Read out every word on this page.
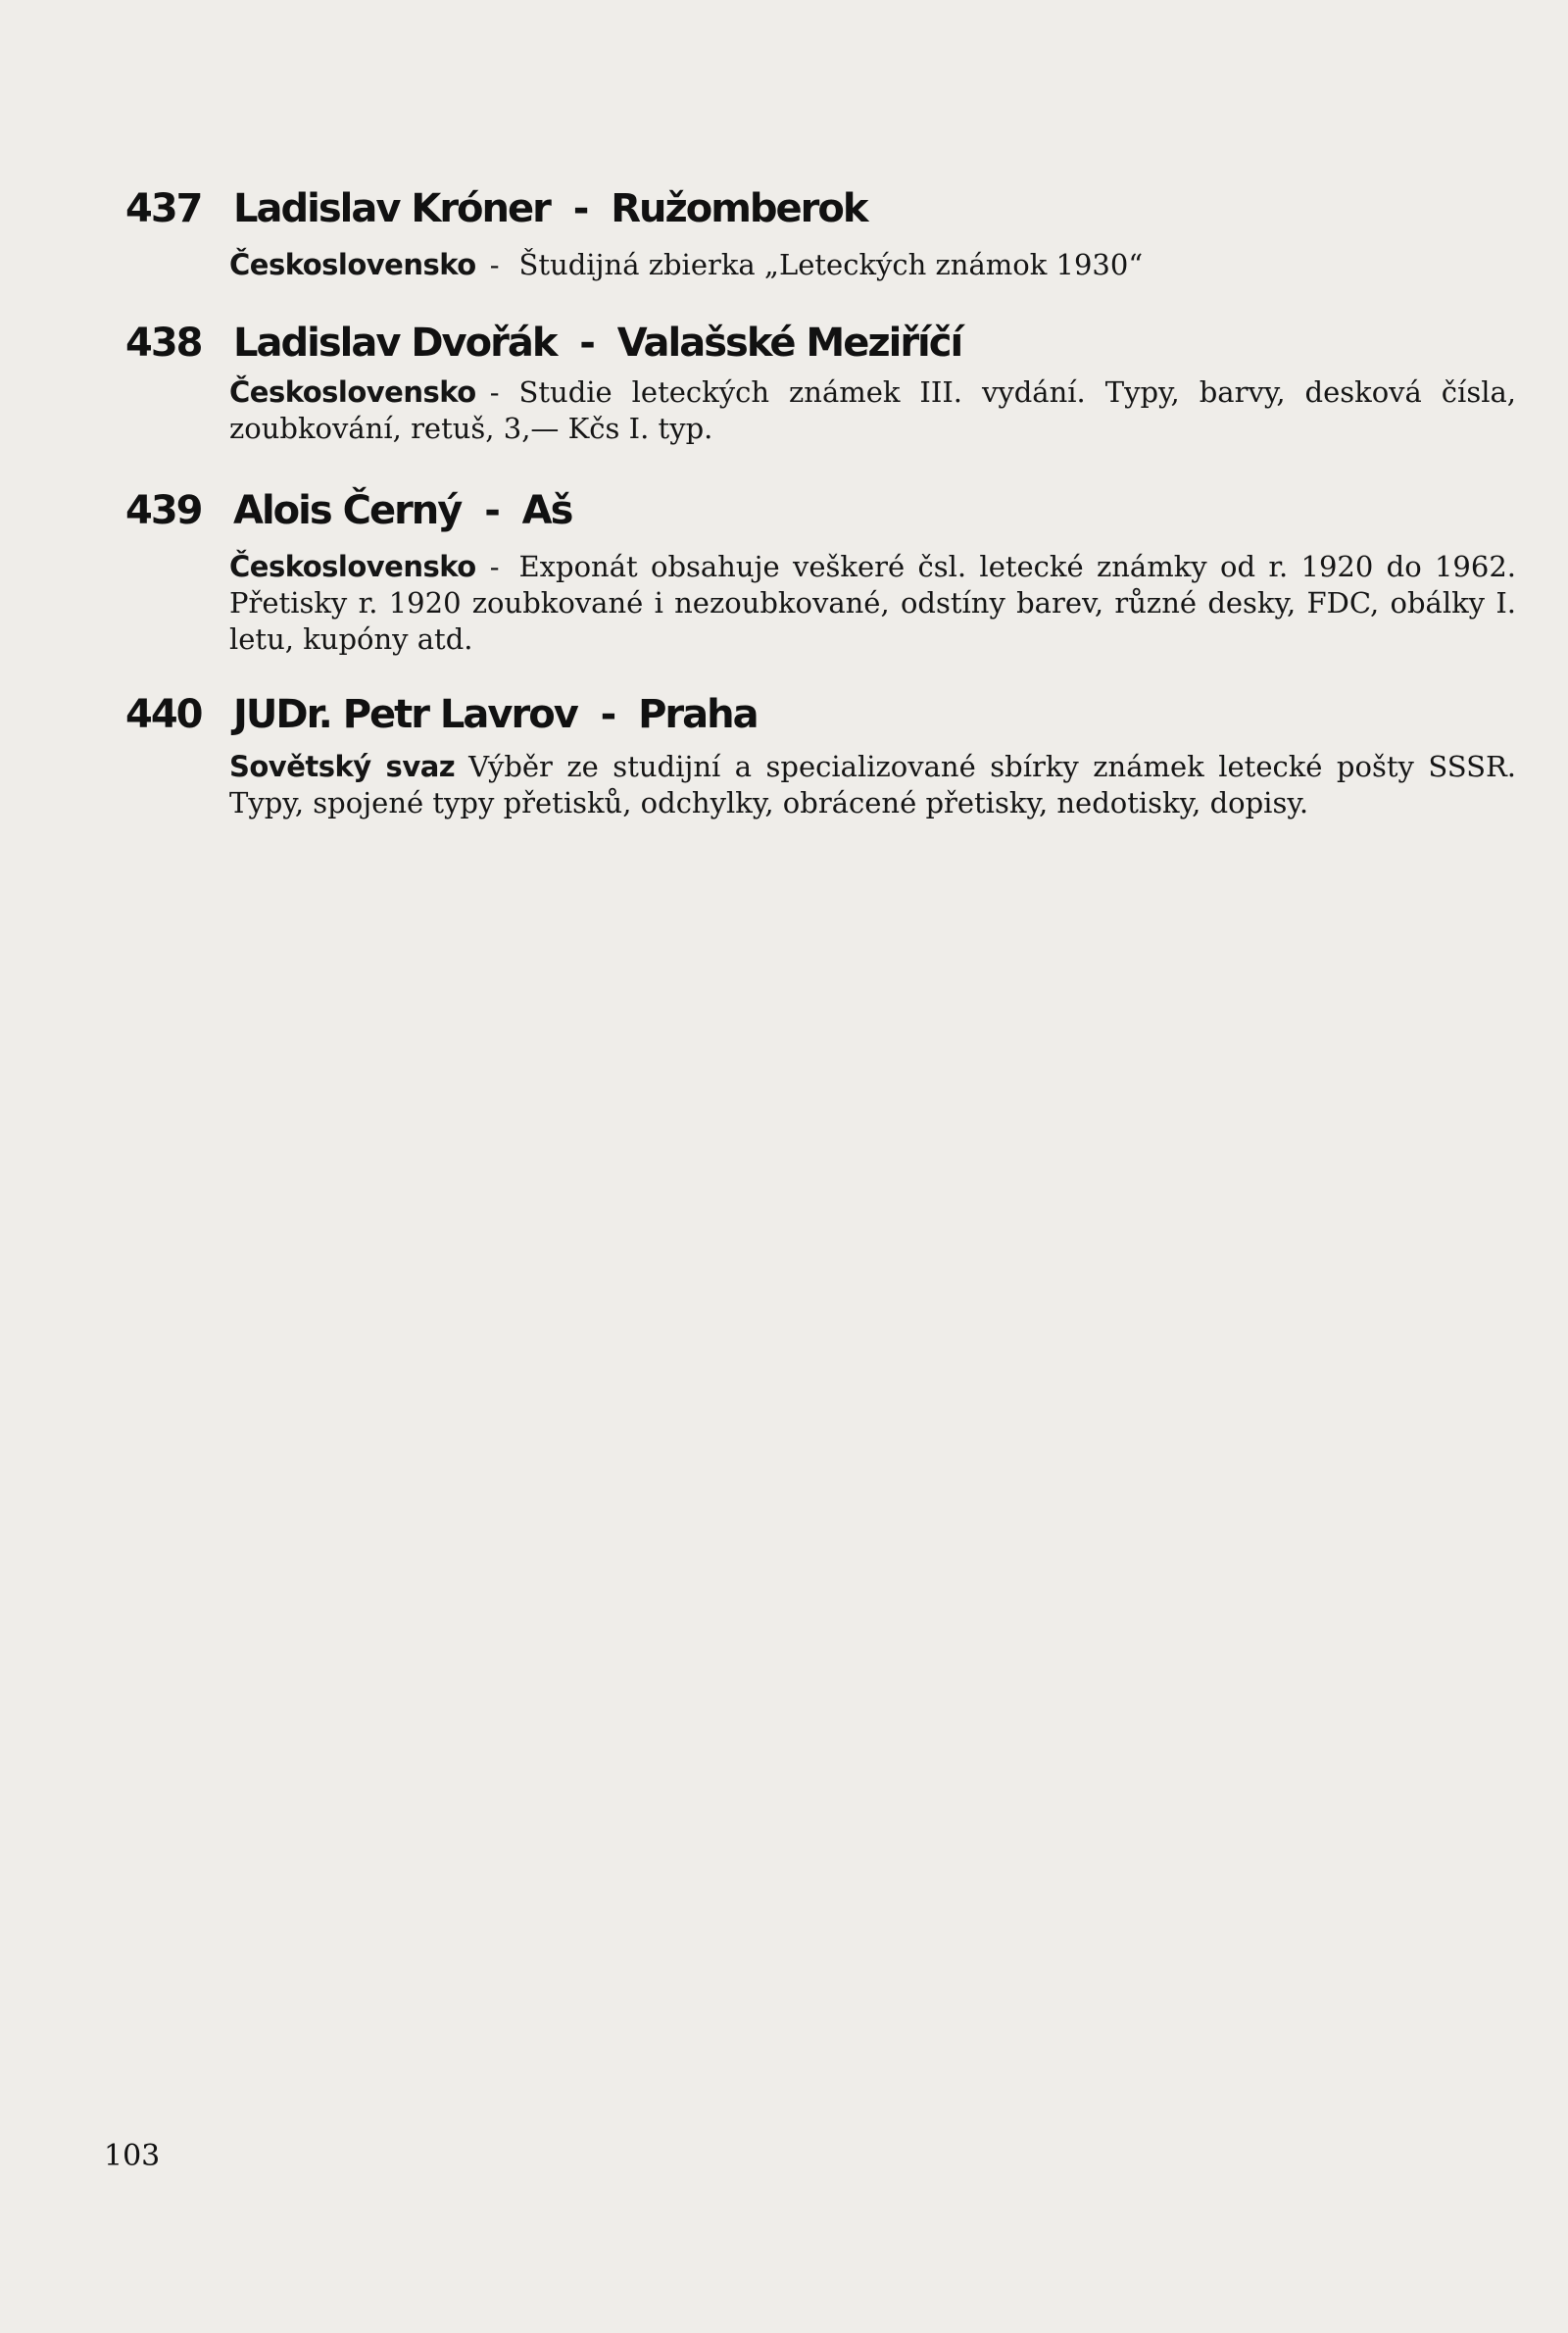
437 Ladislav Króner  -  Ružomberok
Československo - Študijná zbierka „Leteckých známok 1930“
438 Ladislav Dvořák  -  Valašské Meziříčí
Československo - Studie leteckých známek III. vydání. Typy, barvy, desková čísla, zoubkování, retuš, 3,— Kčs I. typ.
439 Alois Černý  -  Aš
Československo - Exponát obsahuje veškeré čsl. letecké známky od r. 1920 do 1962. Přetisky r. 1920 zoubkované i nezoubkované, odstíny barev, různé desky, FDC, obálky I. letu, kupóny atd.
440 JUDr. Petr Lavrov  -  Praha
Sovětský svaz Výběr ze studijní a specializované sbírky známek letecké pošty SSSR. Typy, spojené typy přetisků, odchylky, obrácené přetisky, nedotisky, dopisy.
103
